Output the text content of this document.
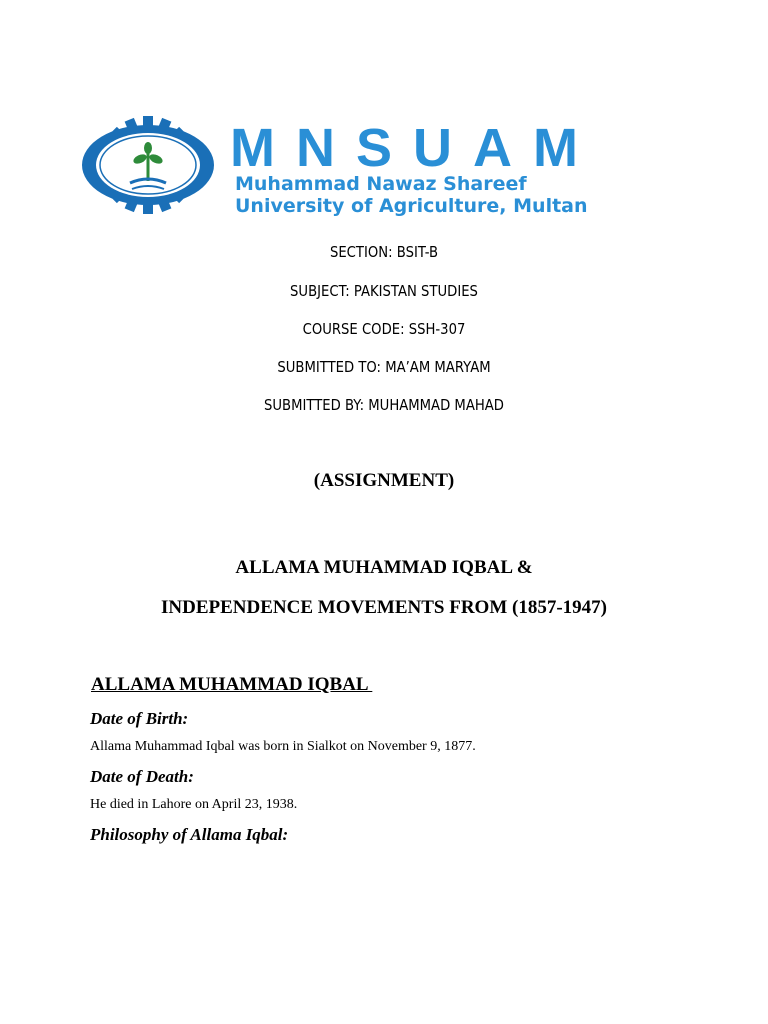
MNSUAM
Muhammad Nawaz Shareef
University of Agriculture, Multan
SECTION: BSIT-B
SUBJECT: PAKISTAN STUDIES
COURSE CODE: SSH-307
SUBMITTED TO: MA’AM MARYAM
SUBMITTED BY: MUHAMMAD MAHAD
(ASSIGNMENT)
ALLAMA MUHAMMAD IQBAL &
INDEPENDENCE MOVEMENTS FROM (1857-1947)
ALLAMA MUHAMMAD IQBAL
Date of Birth:
Allama Muhammad Iqbal was born in Sialkot on November 9, 1877.
Date of Death:
He died in Lahore on April 23, 1938.
Philosophy of Allama Iqbal:
